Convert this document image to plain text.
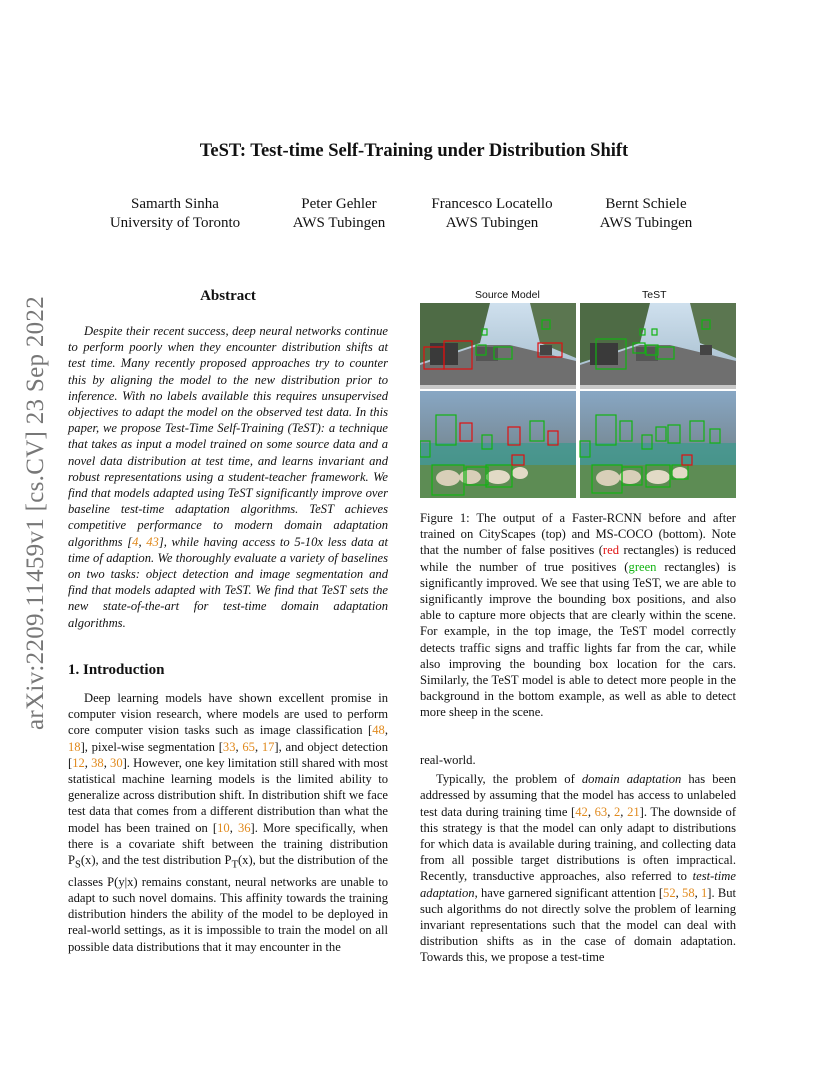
TeST: Test-time Self-Training under Distribution Shift
Samarth Sinha
University of Toronto
Peter Gehler
AWS Tubingen
Francesco Locatello
AWS Tubingen
Bernt Schiele
AWS Tubingen
arXiv:2209.11459v1 [cs.CV] 23 Sep 2022	Abstract

Despite their recent success, deep neural networks continue to perform poorly when they encounter distribution shifts at test time. Many recently proposed approaches try to counter this by aligning the model to the new distribution prior to inference. With no labels available this requires unsupervised objectives to adapt the model on the observed test data. In this paper, we propose Test-Time Self-Training (TeST): a technique that takes as input a model trained on some source data and a novel data distribution at test time, and learns invariant and robust representations using a student-teacher framework. We find that models adapted using TeST significantly improve over baseline test-time adaptation algorithms. TeST achieves competitive performance to modern domain adaptation algorithms [4, 43], while having access to 5-10x less data at time of adaption. We thoroughly evaluate a variety of baselines on two tasks: object detection and image segmentation and find that models adapted with TeST. We find that TeST sets the new state-of-the-art for test-time domain adaptation algorithms.

1. Introduction

Deep learning models have shown excellent promise in computer vision research, where models are used to perform core computer vision tasks such as image classification [48, 18], pixel-wise segmentation [33, 65, 17], and object detection [12, 38, 30]. However, one key limitation still shared with most statistical machine learning models is the limited ability to generalize across distribution shift. In distribution shift we face test data that comes from a different distribution than what the model has been trained on [10, 36]. More specifically, when there is a covariate shift between the training distribution $P_S(x)$, and the test distribution $P_T(x)$, but the distribution of the classes P(y|x) remains constant, neural networks are unable to adapt to such novel domains. This affinity towards the training distribution hinders the ability of the model to be deployed in real-world settings, as it is impossible to train the model on all possible data distributions that it may encounter in the

Source Model	TeST

Figure 1: The output of a Faster-RCNN before and after trained on CityScapes (top) and MS-COCO (bottom). Note that the number of false positives (red rectangles) is reduced while the number of true positives (green rectangles) is significantly improved. We see that using TeST, we are able to significantly improve the bounding box positions, and also able to capture more objects that are clearly within the scene. For example, in the top image, the TeST model correctly detects traffic signs and traffic lights far from the car, while also improving the bounding box location for the cars. Similarly, the TeST model is able to detect more people in the background in the bottom example, as well as able to detect more sheep in the scene.

real-world.

Typically, the problem of domain adaptation has been addressed by assuming that the model has access to unlabeled test data during training time [42, 63, 2, 21]. The downside of this strategy is that the model can only adapt to distributions for which data is available during training, and collecting data from all possible target distributions is often impractical. Recently, transductive approaches, also referred to test-time adaptation, have garnered significant attention [52, 58, 1]. But such algorithms do not directly solve the problem of learning invariant representations such that the model can deal with distribution shifts as in the case of domain adaptation. Towards this, we propose a test-time
